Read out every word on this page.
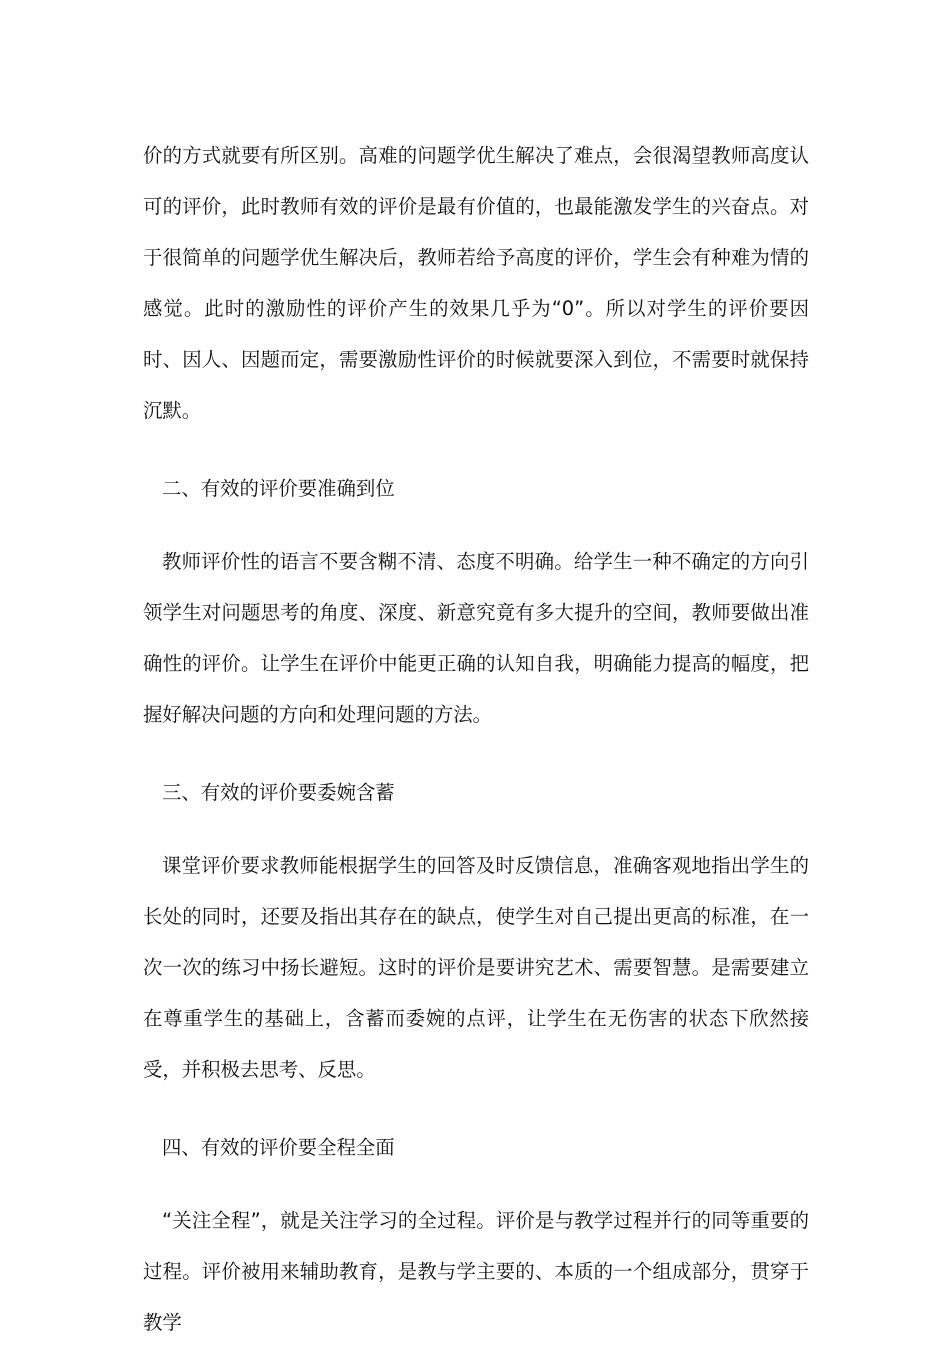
价的方式就要有所区别。高难的问题学优生解决了难点，会很渴望教师高度认可的评价，此时教师有效的评价是最有价值的，也最能激发学生的兴奋点。对于很简单的问题学优生解决后，教师若给予高度的评价，学生会有种难为情的感觉。此时的激励性的评价产生的效果几乎为“0”。所以对学生的评价要因时、因人、因题而定，需要激励性评价的时候就要深入到位，不需要时就保持沉默。

二、有效的评价要准确到位

教师评价性的语言不要含糊不清、态度不明确。给学生一种不确定的方向引领学生对问题思考的角度、深度、新意究竟有多大提升的空间，教师要做出准确性的评价。让学生在评价中能更正确的认知自我，明确能力提高的幅度，把握好解决问题的方向和处理问题的方法。

三、有效的评价要委婉含蓄

课堂评价要求教师能根据学生的回答及时反馈信息，准确客观地指出学生的长处的同时，还要及指出其存在的缺点，使学生对自己提出更高的标准，在一次一次的练习中扬长避短。这时的评价是要讲究艺术、需要智慧。是需要建立在尊重学生的基础上，含蓄而委婉的点评，让学生在无伤害的状态下欣然接受，并积极去思考、反思。

四、有效的评价要全程全面

“关注全程”，就是关注学习的全过程。评价是与教学过程并行的同等重要的过程。评价被用来辅助教育，是教与学主要的、本质的一个组成部分，贯穿于教学
